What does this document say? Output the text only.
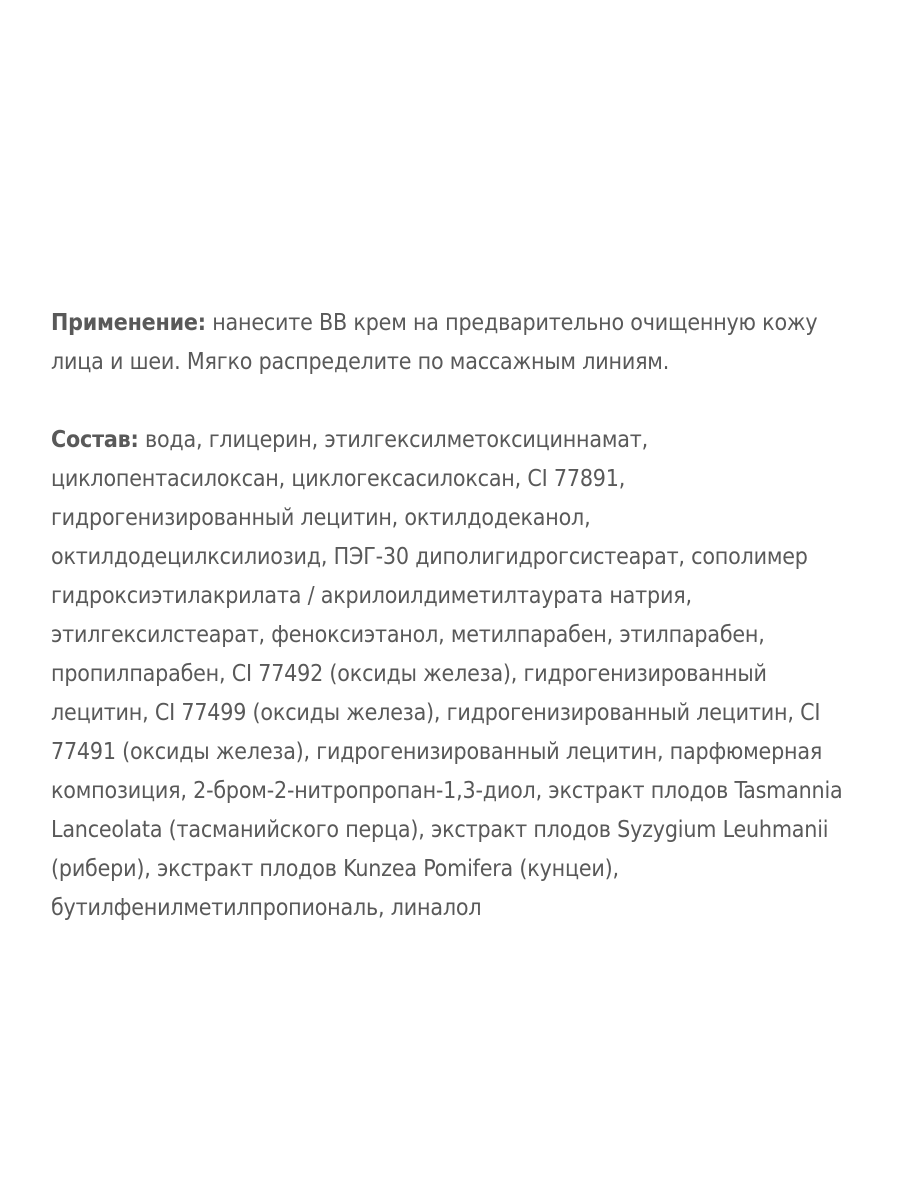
Применение: нанесите BB крем на предварительно очищенную кожу лица и шеи. Мягко распределите по массажным линиям.

Состав: вода, глицерин, этилгексилметоксициннамат, циклопентасилоксан, циклогексасилоксан, CI 77891, гидрогенизированный лецитин, октилдодеканол, октилдодецилксилиозид, ПЭГ-30 диполигидрогсистеарат, сополимер гидроксиэтилакрилата / акрилоилдиметилтаурата натрия, этилгексилстеарат, феноксиэтанол, метилпарабен, этилпарабен, пропилпарабен, CI 77492 (оксиды железа), гидрогенизированный лецитин, CI 77499 (оксиды железа), гидрогенизированный лецитин, CI 77491 (оксиды железа), гидрогенизированный лецитин, парфюмерная композиция, 2-бром-2-нитропропан-1,3-диол, экстракт плодов Tasmannia Lanceolata (тасманийского перца), экстракт плодов Syzygium Leuhmanii (рибери), экстракт плодов Kunzea Pomifera (кунцеи), бутилфенилметилпропиональ, линалол
